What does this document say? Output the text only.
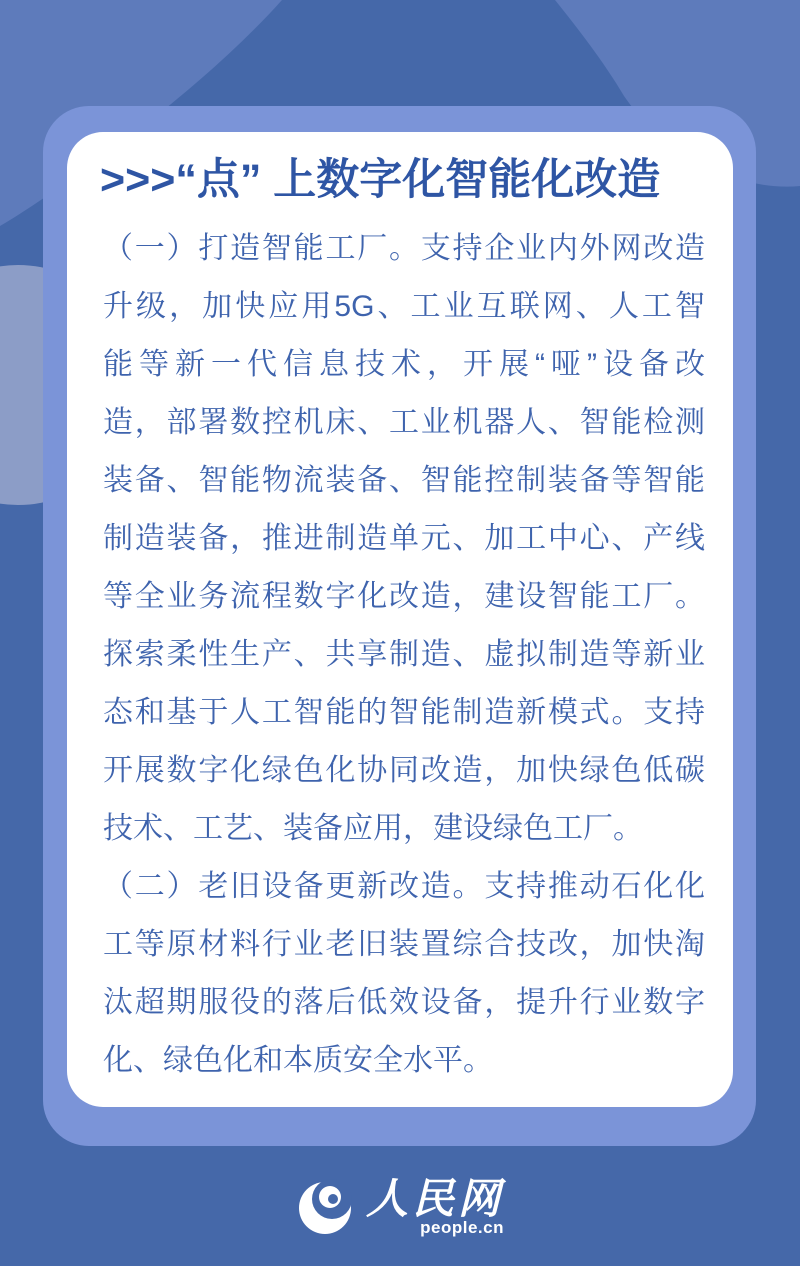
>>>“点” 上数字化智能化改造
（一）打造智能工厂。支持企业内外网改造
升级，加快应用5G、工业互联网、人工智
能等新一代信息技术，开展“哑”设备改
造，部署数控机床、工业机器人、智能检测
装备、智能物流装备、智能控制装备等智能
制造装备，推进制造单元、加工中心、产线
等全业务流程数字化改造，建设智能工厂。
探索柔性生产、共享制造、虚拟制造等新业
态和基于人工智能的智能制造新模式。支持
开展数字化绿色化协同改造，加快绿色低碳
技术、工艺、装备应用，建设绿色工厂。
（二）老旧设备更新改造。支持推动石化化
工等原材料行业老旧装置综合技改，加快淘
汰超期服役的落后低效设备，提升行业数字
化、绿色化和本质安全水平。
人民网
people.cn
